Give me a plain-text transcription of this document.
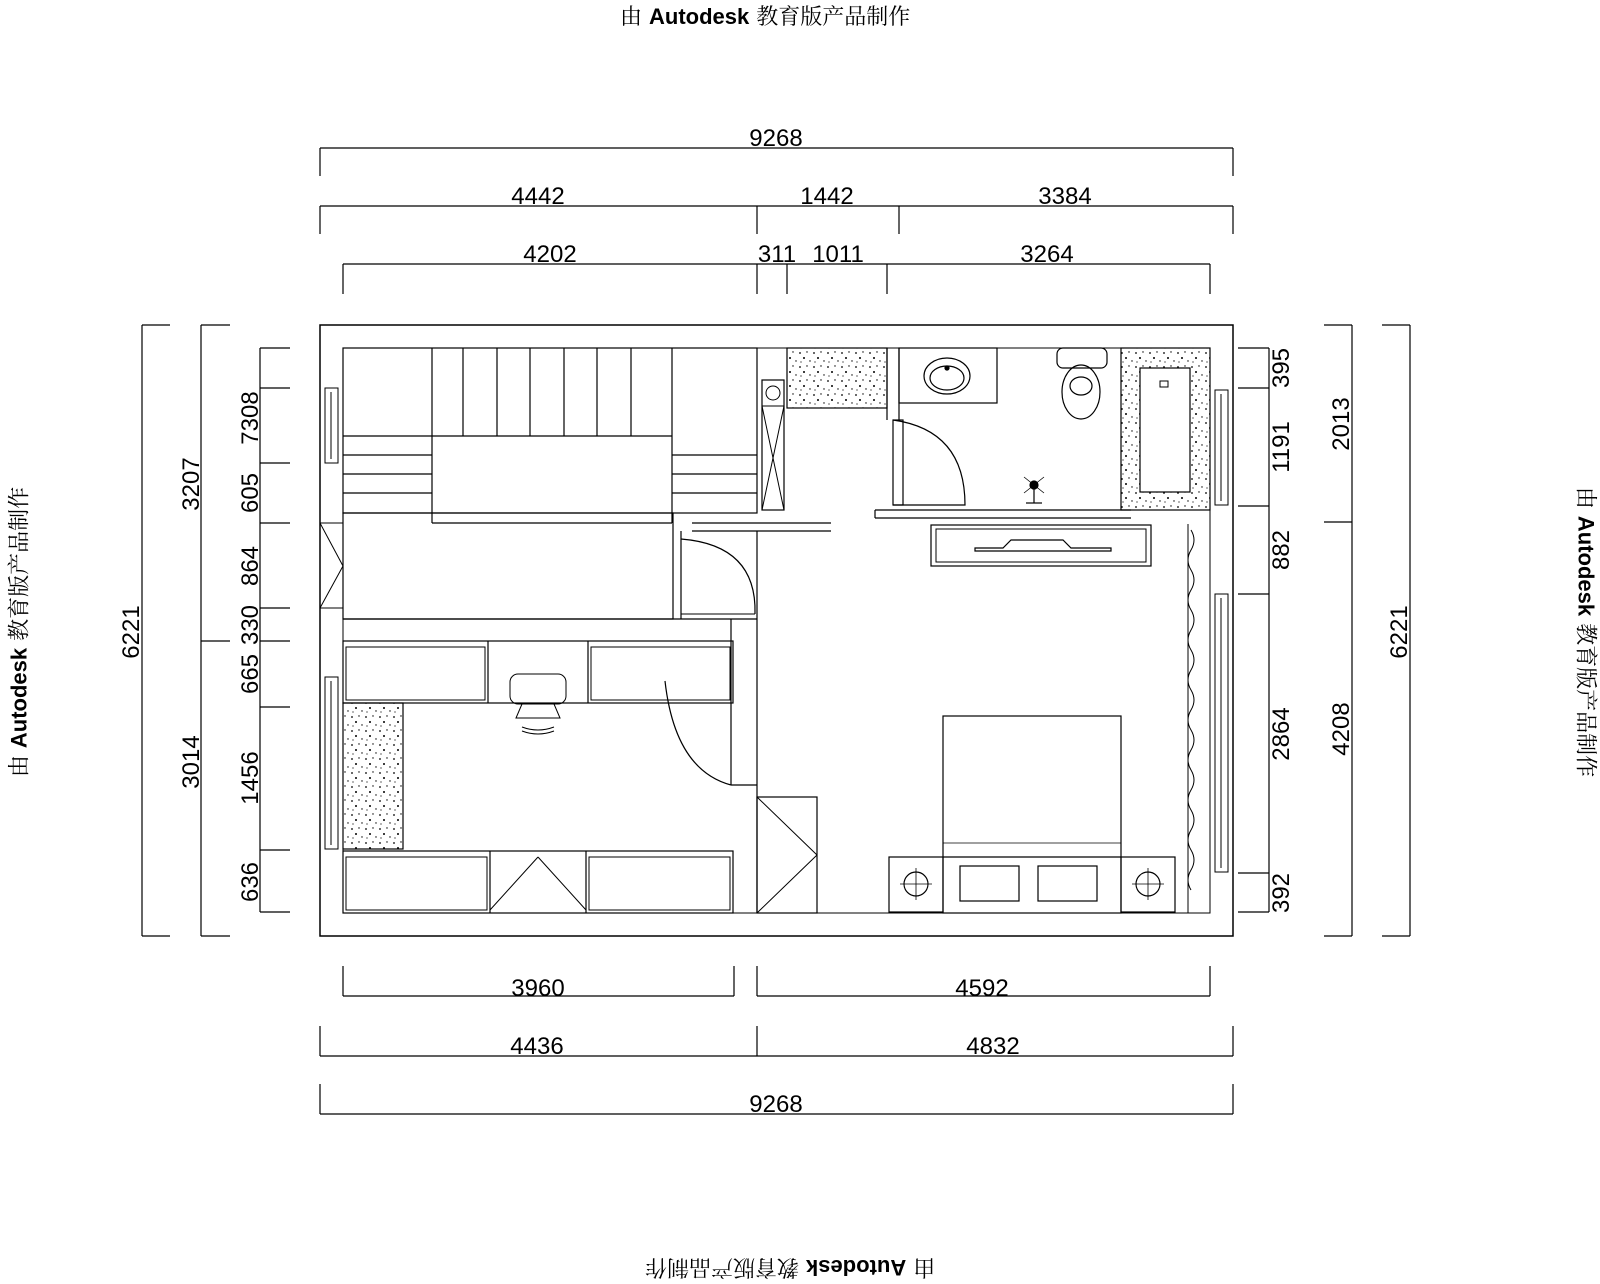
由 Autodesk 教育版产品制作
由 Autodesk 教育版产品制作
由 Autodesk 教育版产品制作	由 Autodesk 教育版产品制作
9268
4442	1442	3384
4202	311 1011	3264
3960	4592
4436	4832
9268
6221
3207
3014
7308
605
864
330
665
1456
636
395
1191
882
2864
392
2013
4208
6221
